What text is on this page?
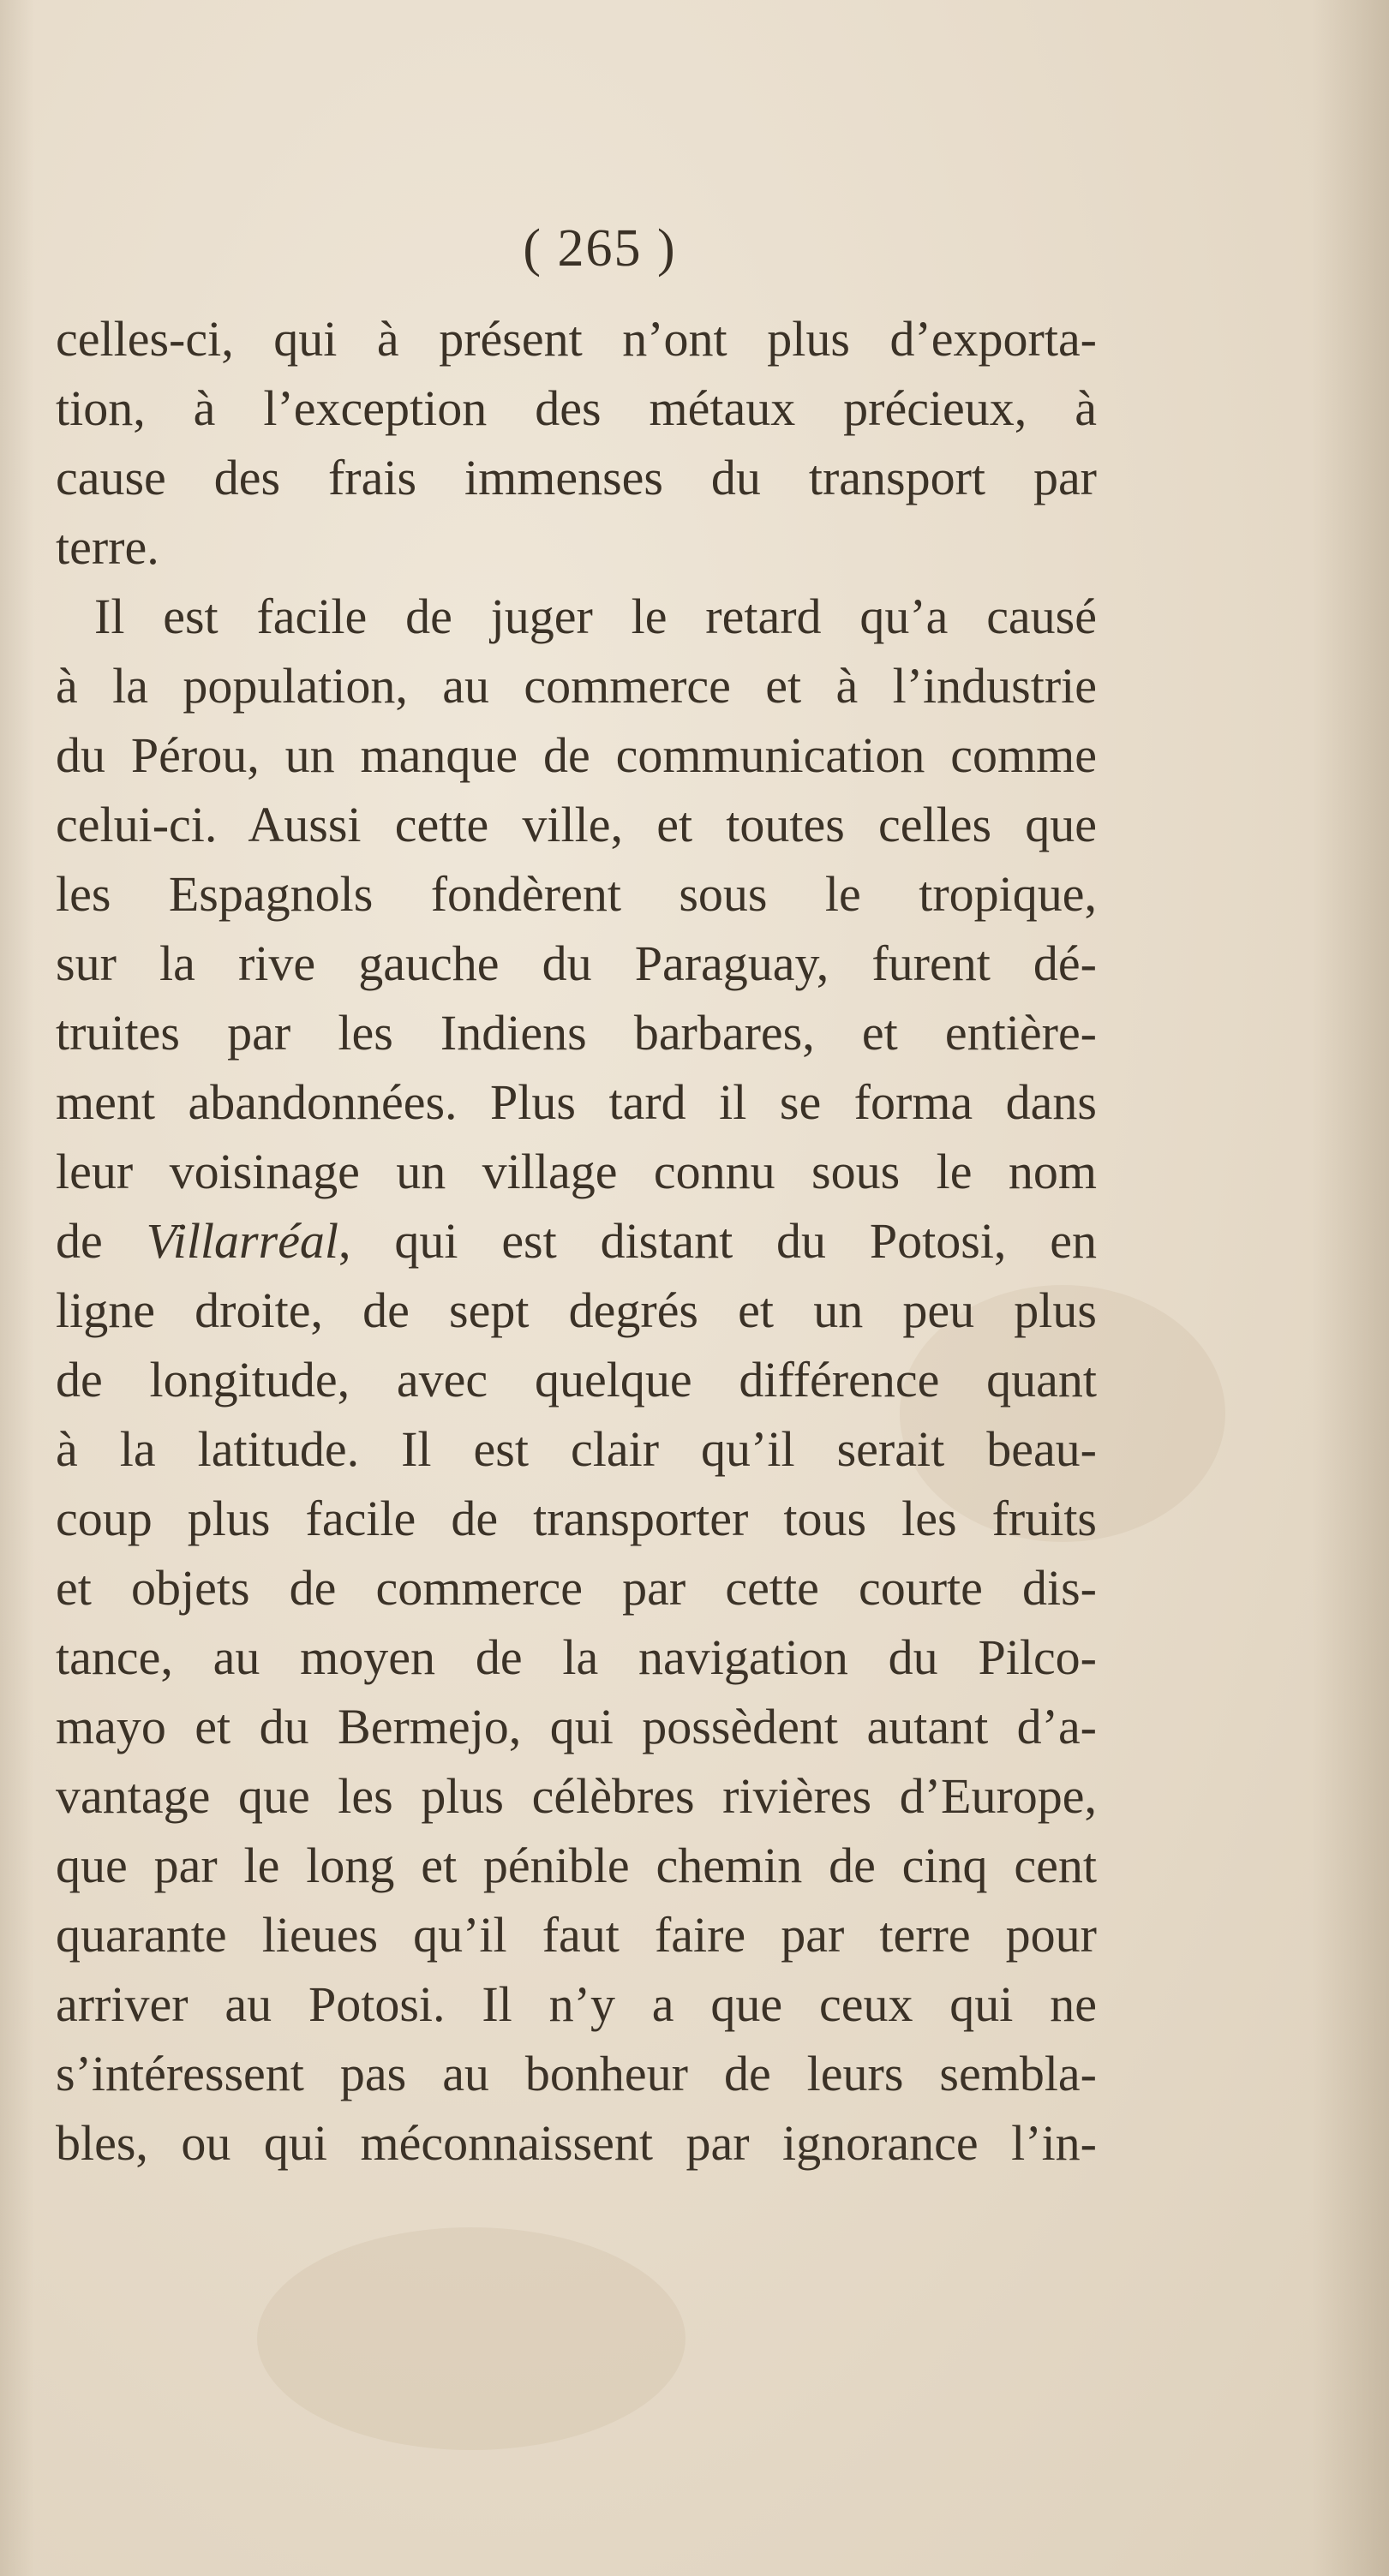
( 265 )
celles-ci, qui à présent n’ont plus d’exporta-
tion, à l’exception des métaux précieux, à
cause des frais immenses du transport par
terre.
Il est facile de juger le retard qu’a causé
à la population, au commerce et à l’industrie
du Pérou, un manque de communication comme
celui-ci. Aussi cette ville, et toutes celles que
les Espagnols fondèrent sous le tropique,
sur la rive gauche du Paraguay, furent dé-
truites par les Indiens barbares, et entière-
ment abandonnées. Plus tard il se forma dans
leur voisinage un village connu sous le nom
de Villarréal, qui est distant du Potosi, en
ligne droite, de sept degrés et un peu plus
de longitude, avec quelque différence quant
à la latitude. Il est clair qu’il serait beau-
coup plus facile de transporter tous les fruits
et objets de commerce par cette courte dis-
tance, au moyen de la navigation du Pilco-
mayo et du Bermejo, qui possèdent autant d’a-
vantage que les plus célèbres rivières d’Europe,
que par le long et pénible chemin de cinq cent
quarante lieues qu’il faut faire par terre pour
arriver au Potosi. Il n’y a que ceux qui ne
s’intéressent pas au bonheur de leurs sembla-
bles, ou qui méconnaissent par ignorance l’in-
